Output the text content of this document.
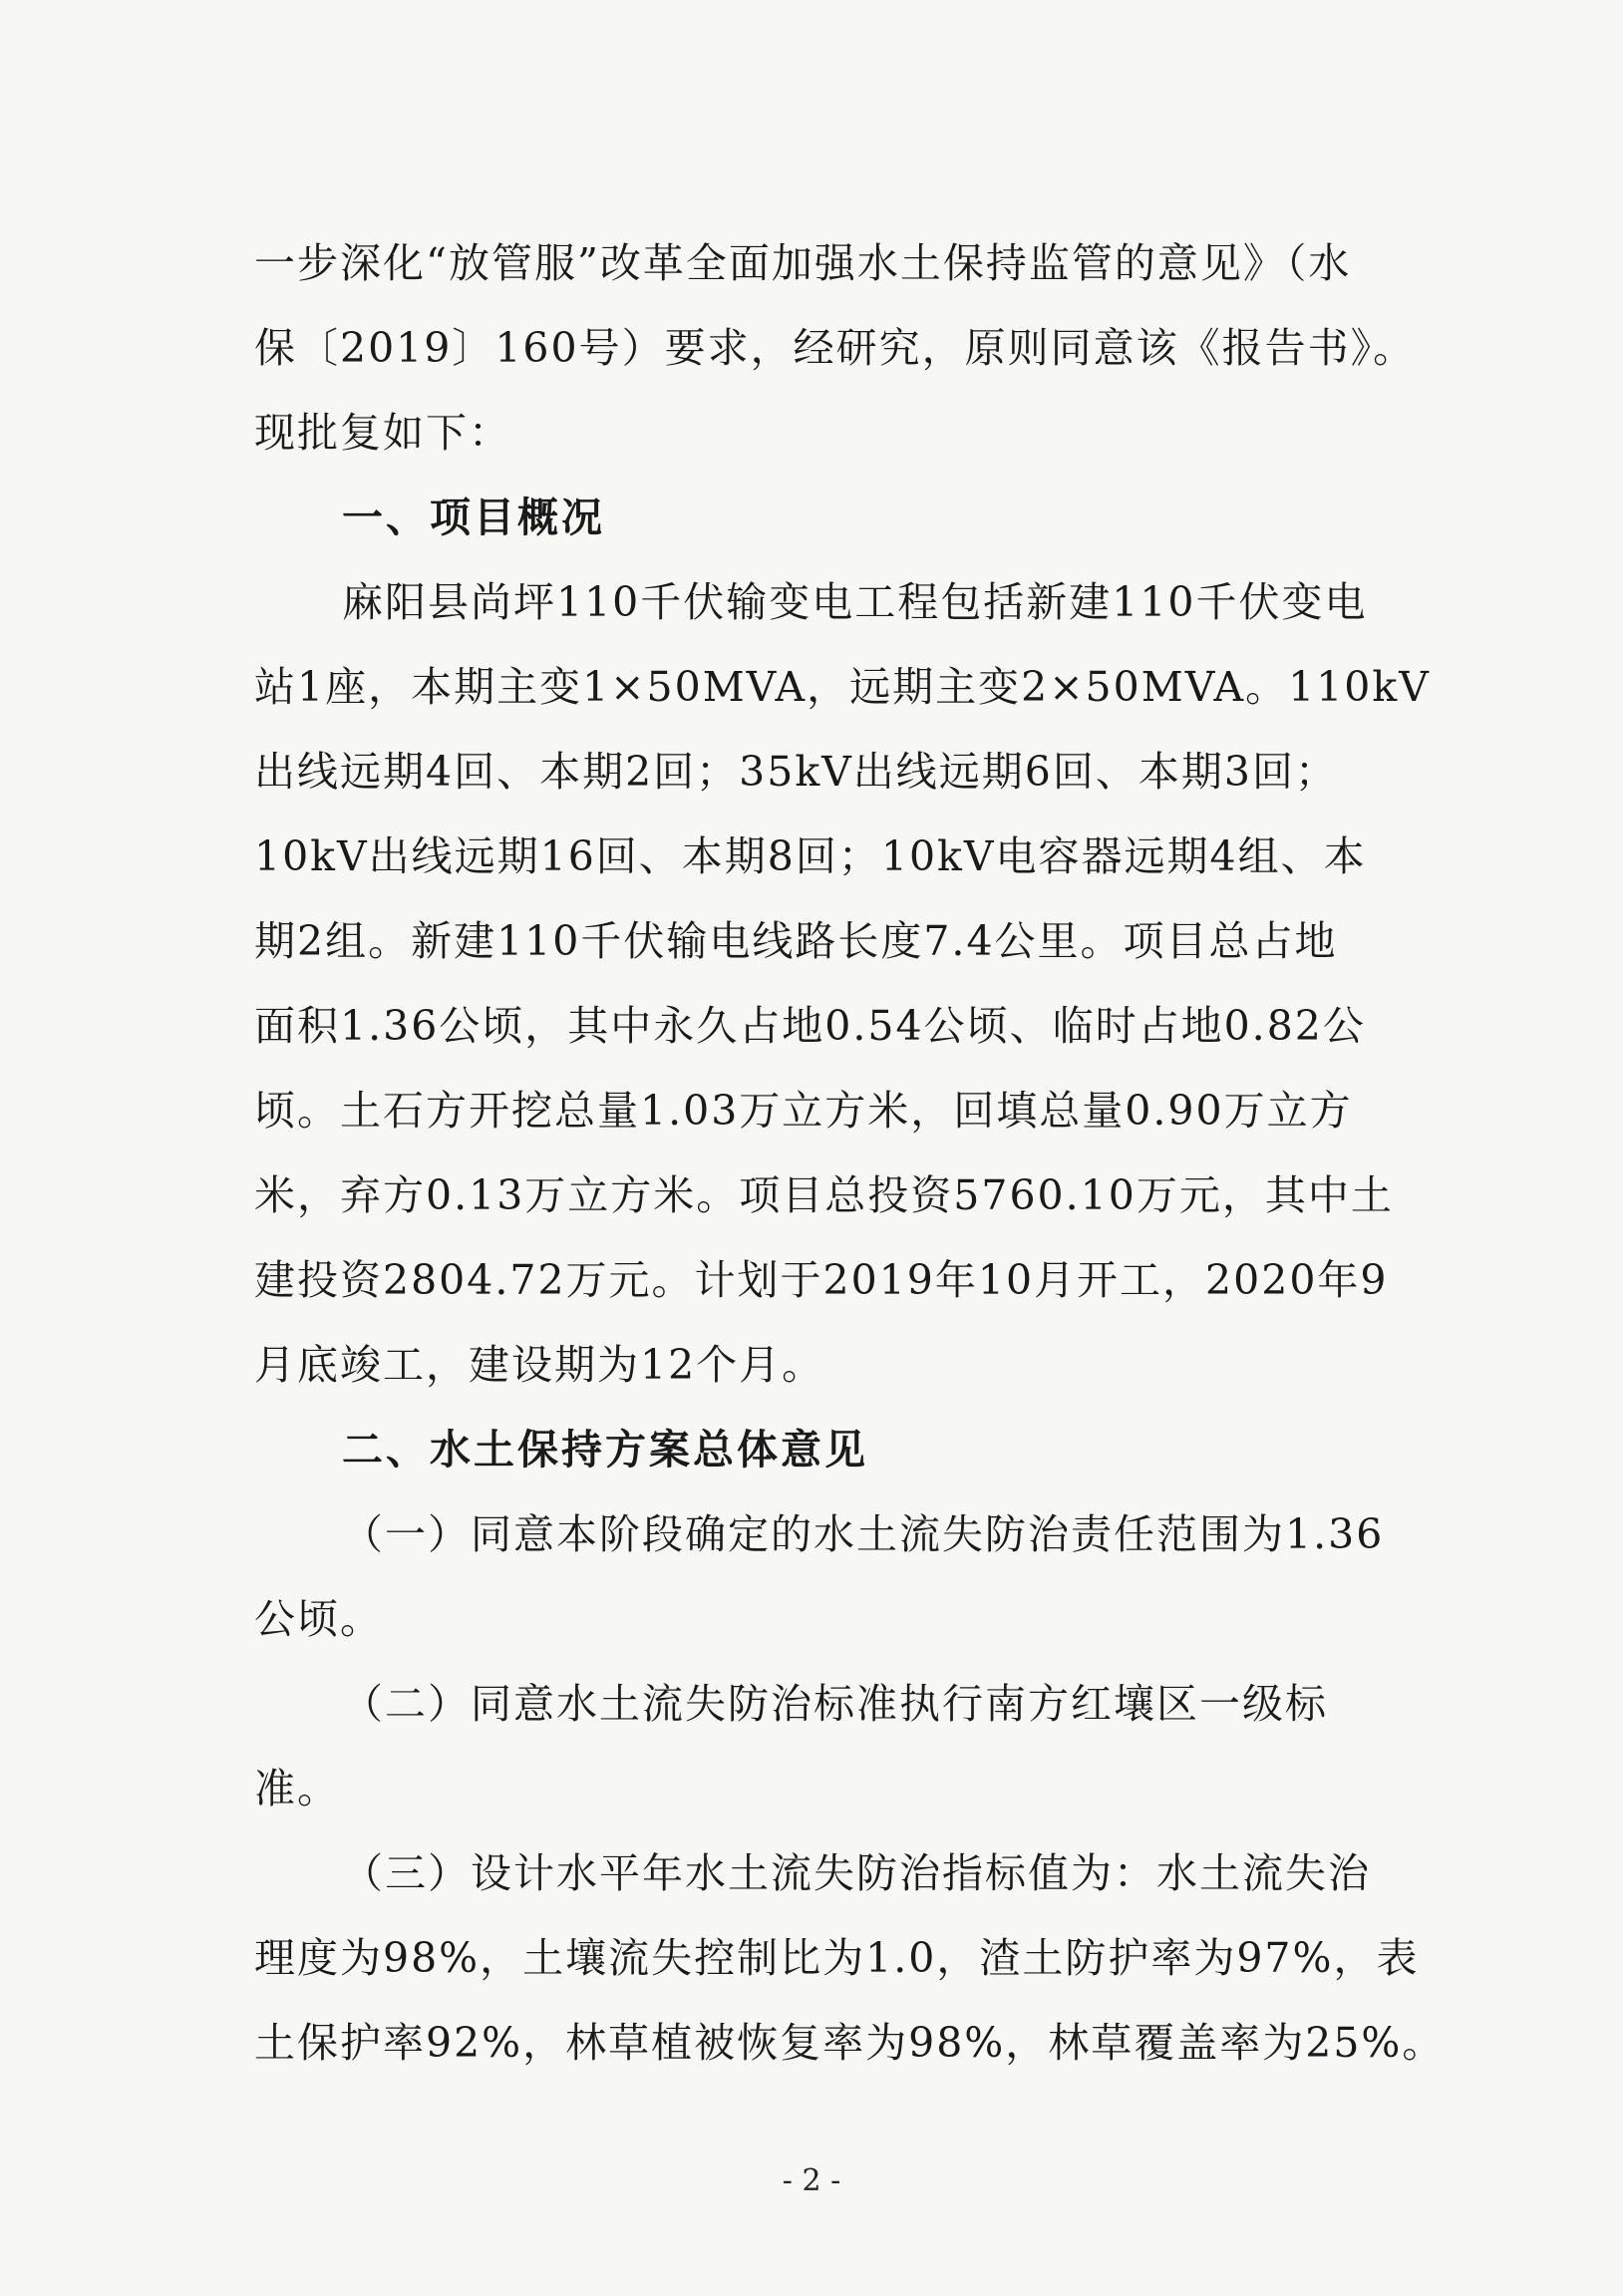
一步深化“放管服”改革全面加强水土保持监管的意见》（水
保〔2019〕160号）要求，经研究，原则同意该《报告书》。
现批复如下：
一、项目概况
麻阳县尚坪110千伏输变电工程包括新建110千伏变电
站1座，本期主变1×50MVA，远期主变2×50MVA。110kV
出线远期4回、本期2回；35kV出线远期6回、本期3回；
10kV出线远期16回、本期8回；10kV电容器远期4组、本
期2组。新建110千伏输电线路长度7.4公里。项目总占地
面积1.36公顷，其中永久占地0.54公顷、临时占地0.82公
顷。土石方开挖总量1.03万立方米，回填总量0.90万立方
米，弃方0.13万立方米。项目总投资5760.10万元，其中土
建投资2804.72万元。计划于2019年10月开工，2020年9
月底竣工，建设期为12个月。
二、水土保持方案总体意见
（一）同意本阶段确定的水土流失防治责任范围为1.36
公顷。
（二）同意水土流失防治标准执行南方红壤区一级标
准。
（三）设计水平年水土流失防治指标值为：水土流失治
理度为98%，土壤流失控制比为1.0，渣土防护率为97%，表
土保护率92%，林草植被恢复率为98%，林草覆盖率为25%。
- 2 -
